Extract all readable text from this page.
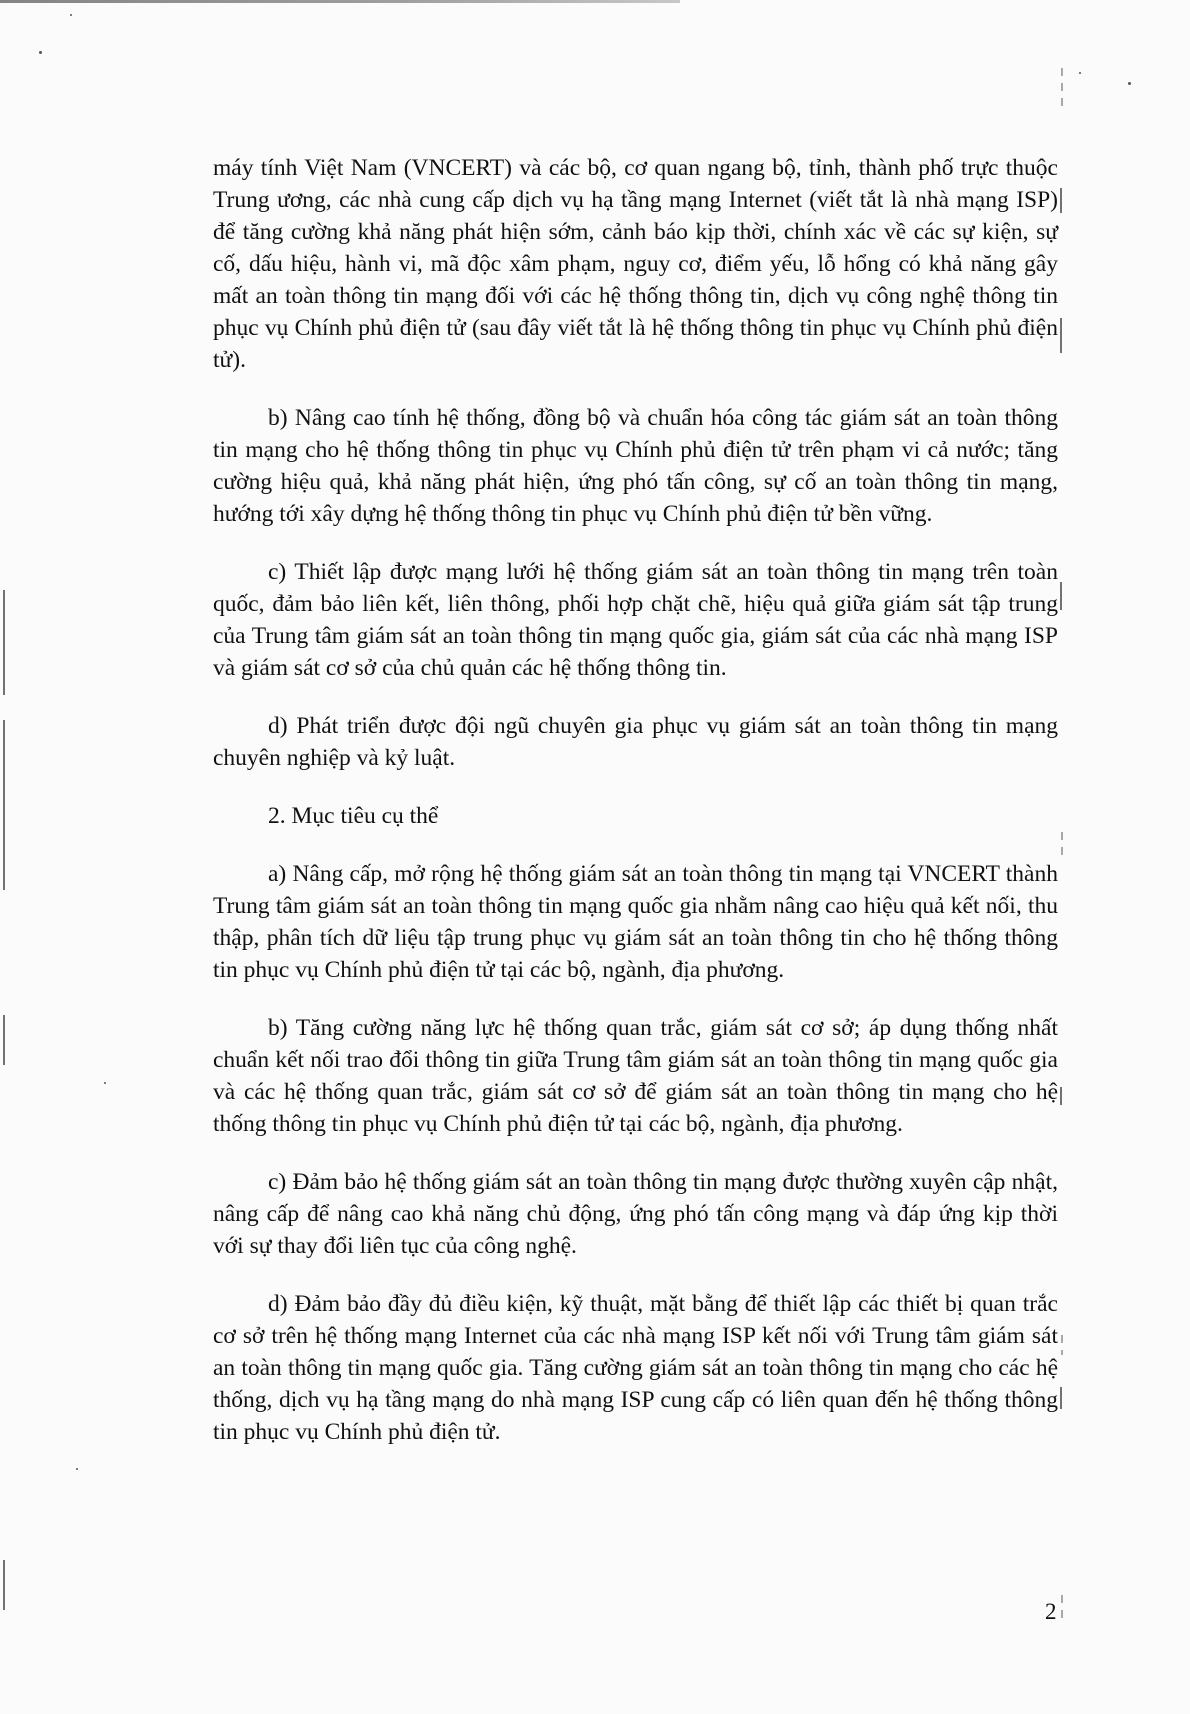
máy tính Việt Nam (VNCERT) và các bộ, cơ quan ngang bộ, tỉnh, thành phố trực thuộc Trung ương, các nhà cung cấp dịch vụ hạ tầng mạng Internet (viết tắt là nhà mạng ISP) để tăng cường khả năng phát hiện sớm, cảnh báo kịp thời, chính xác về các sự kiện, sự cố, dấu hiệu, hành vi, mã độc xâm phạm, nguy cơ, điểm yếu, lỗ hổng có khả năng gây mất an toàn thông tin mạng đối với các hệ thống thông tin, dịch vụ công nghệ thông tin phục vụ Chính phủ điện tử (sau đây viết tắt là hệ thống thông tin phục vụ Chính phủ điện tử).

b) Nâng cao tính hệ thống, đồng bộ và chuẩn hóa công tác giám sát an toàn thông tin mạng cho hệ thống thông tin phục vụ Chính phủ điện tử trên phạm vi cả nước; tăng cường hiệu quả, khả năng phát hiện, ứng phó tấn công, sự cố an toàn thông tin mạng, hướng tới xây dựng hệ thống thông tin phục vụ Chính phủ điện tử bền vững.

c) Thiết lập được mạng lưới hệ thống giám sát an toàn thông tin mạng trên toàn quốc, đảm bảo liên kết, liên thông, phối hợp chặt chẽ, hiệu quả giữa giám sát tập trung của Trung tâm giám sát an toàn thông tin mạng quốc gia, giám sát của các nhà mạng ISP và giám sát cơ sở của chủ quản các hệ thống thông tin.

d) Phát triển được đội ngũ chuyên gia phục vụ giám sát an toàn thông tin mạng chuyên nghiệp và kỷ luật.

2. Mục tiêu cụ thể

a) Nâng cấp, mở rộng hệ thống giám sát an toàn thông tin mạng tại VNCERT thành Trung tâm giám sát an toàn thông tin mạng quốc gia nhằm nâng cao hiệu quả kết nối, thu thập, phân tích dữ liệu tập trung phục vụ giám sát an toàn thông tin cho hệ thống thông tin phục vụ Chính phủ điện tử tại các bộ, ngành, địa phương.

b) Tăng cường năng lực hệ thống quan trắc, giám sát cơ sở; áp dụng thống nhất chuẩn kết nối trao đổi thông tin giữa Trung tâm giám sát an toàn thông tin mạng quốc gia và các hệ thống quan trắc, giám sát cơ sở để giám sát an toàn thông tin mạng cho hệ thống thông tin phục vụ Chính phủ điện tử tại các bộ, ngành, địa phương.

c) Đảm bảo hệ thống giám sát an toàn thông tin mạng được thường xuyên cập nhật, nâng cấp để nâng cao khả năng chủ động, ứng phó tấn công mạng và đáp ứng kịp thời với sự thay đổi liên tục của công nghệ.

d) Đảm bảo đầy đủ điều kiện, kỹ thuật, mặt bằng để thiết lập các thiết bị quan trắc cơ sở trên hệ thống mạng Internet của các nhà mạng ISP kết nối với Trung tâm giám sát an toàn thông tin mạng quốc gia. Tăng cường giám sát an toàn thông tin mạng cho các hệ thống, dịch vụ hạ tầng mạng do nhà mạng ISP cung cấp có liên quan đến hệ thống thông tin phục vụ Chính phủ điện tử.

2
